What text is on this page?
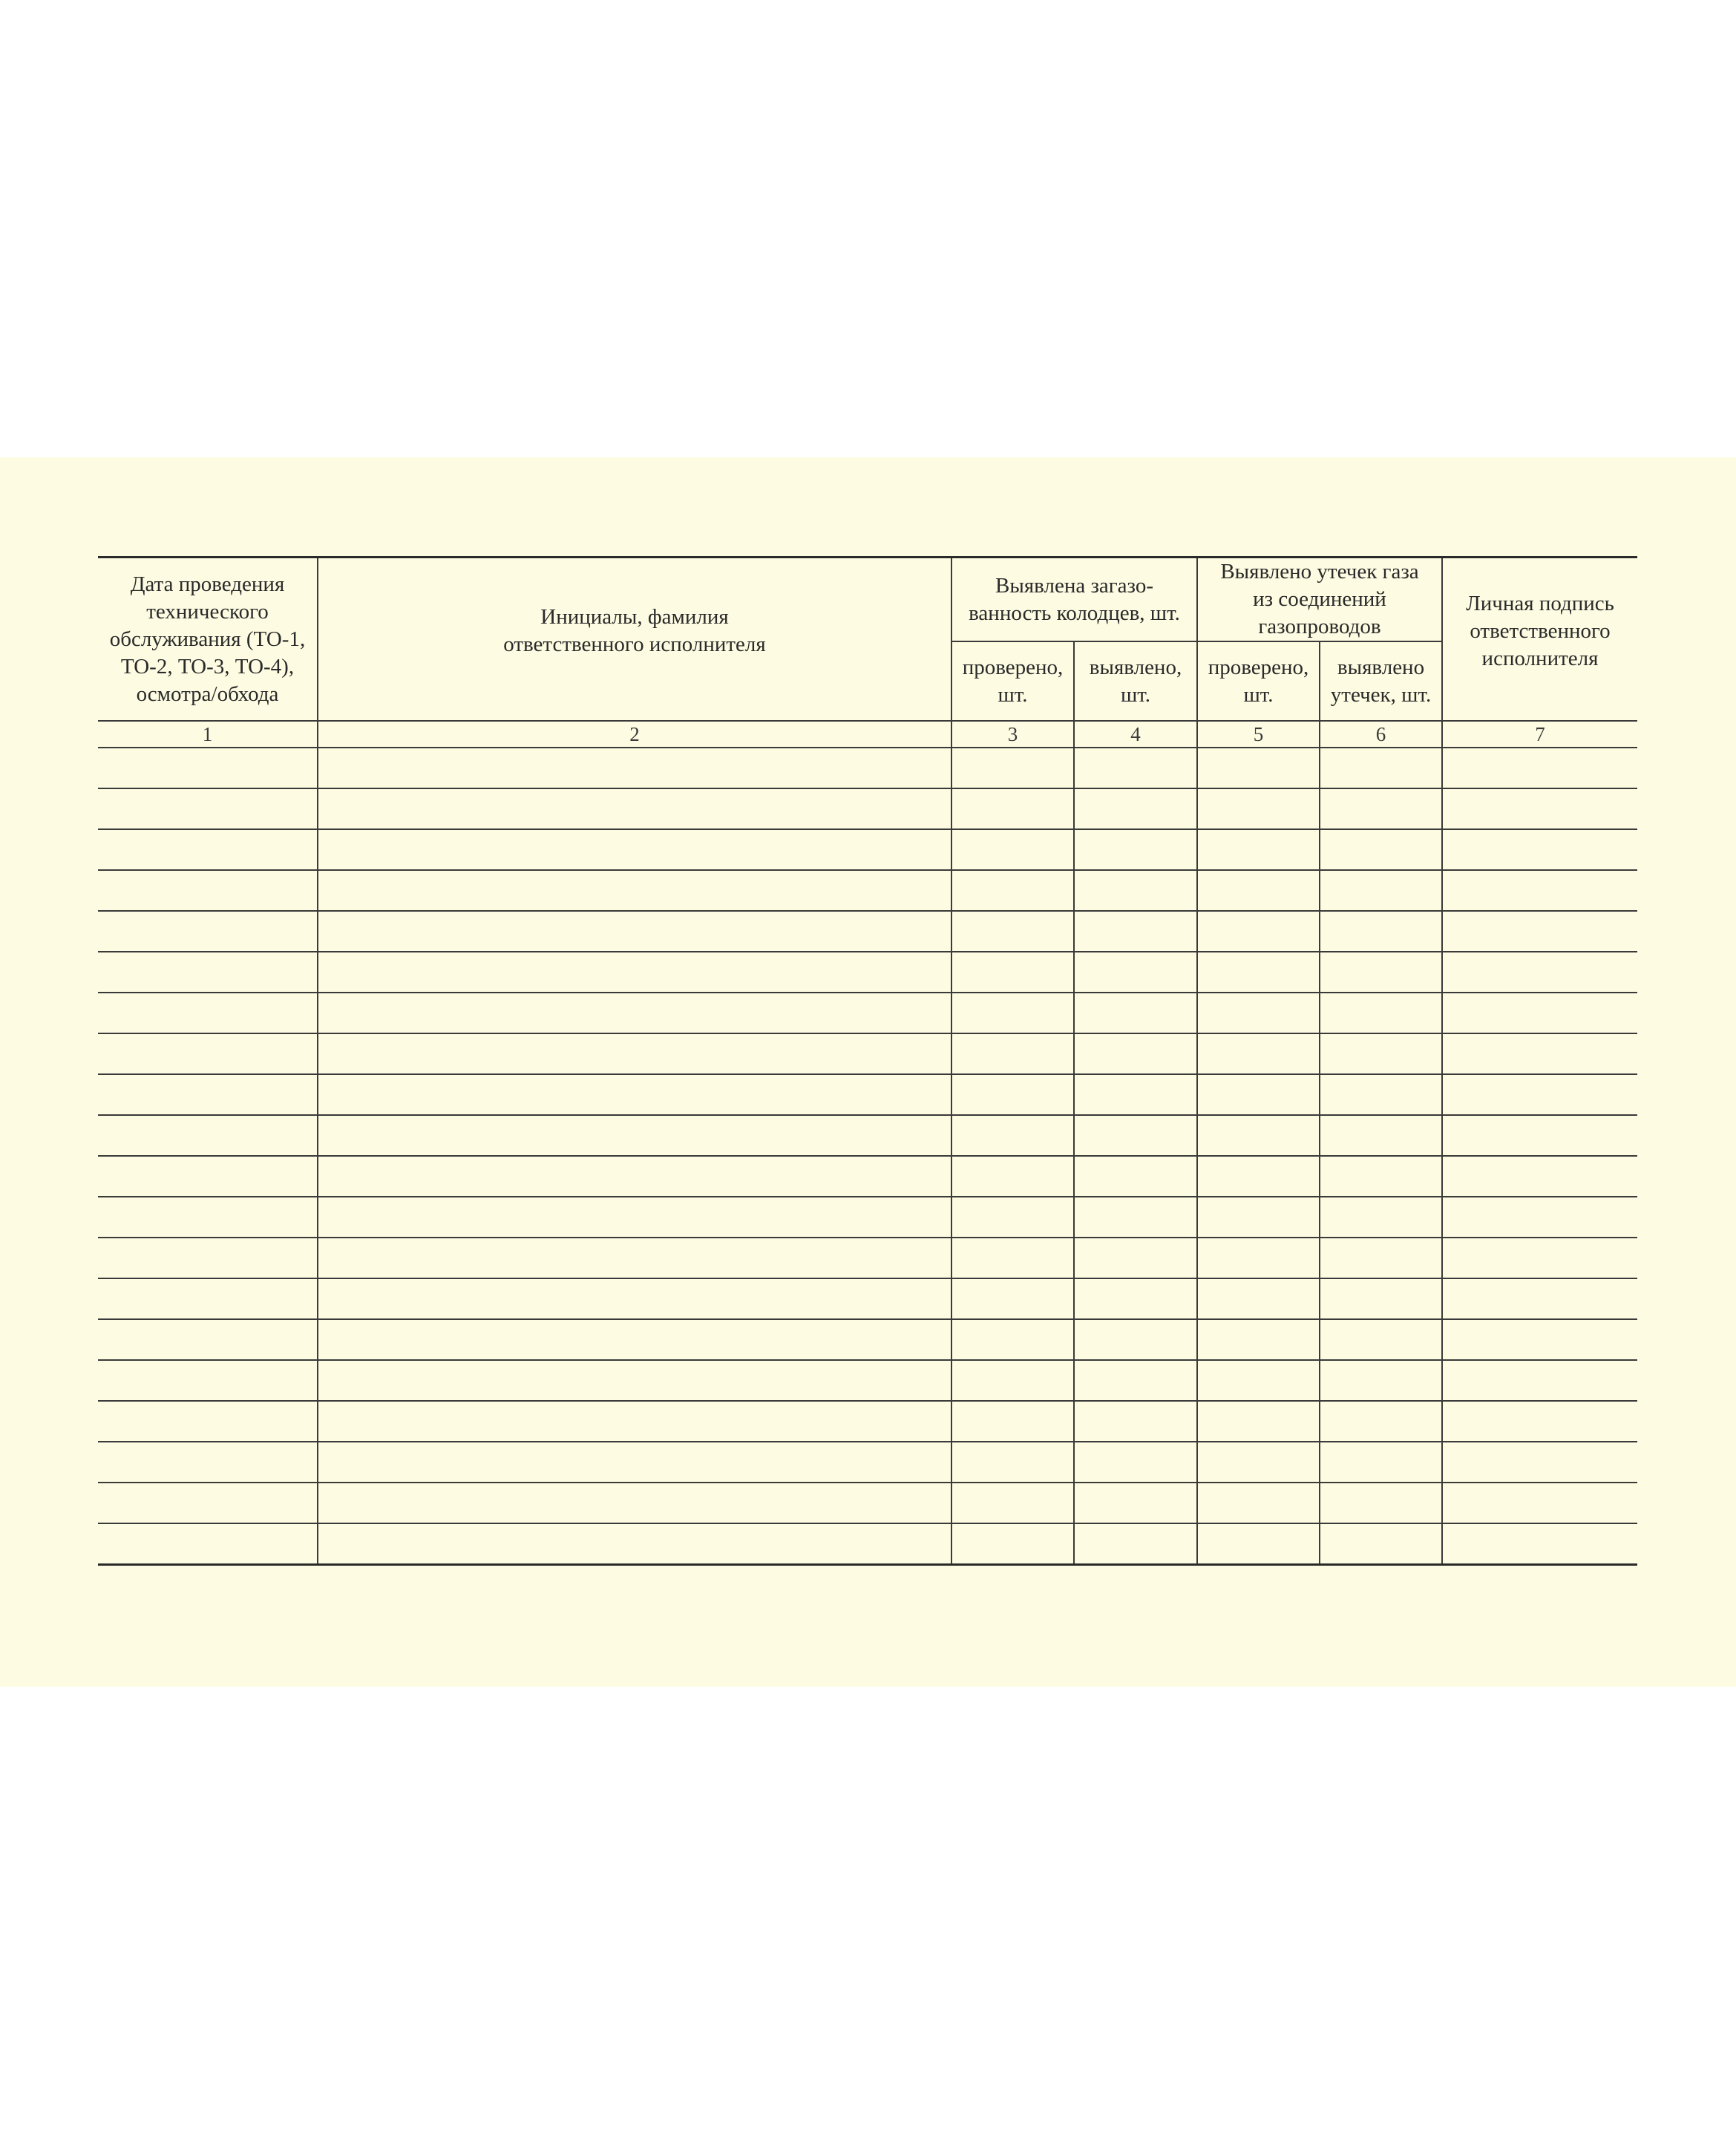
Дата проведения технического обслуживания (ТО-1, ТО-2, ТО-3, ТО-4), осмотра/обхода	Инициалы, фамилия ответственного исполнителя	Выявлена загазо-ванность колодцев, шт.		Выявлено утечек газа из соединений газопроводов		Личная подпись ответственного исполнителя

		проверено, шт.	выявлено, шт.	проверено, шт.	выявлено утечек, шт.	

1	2	3	4	5	6	7
